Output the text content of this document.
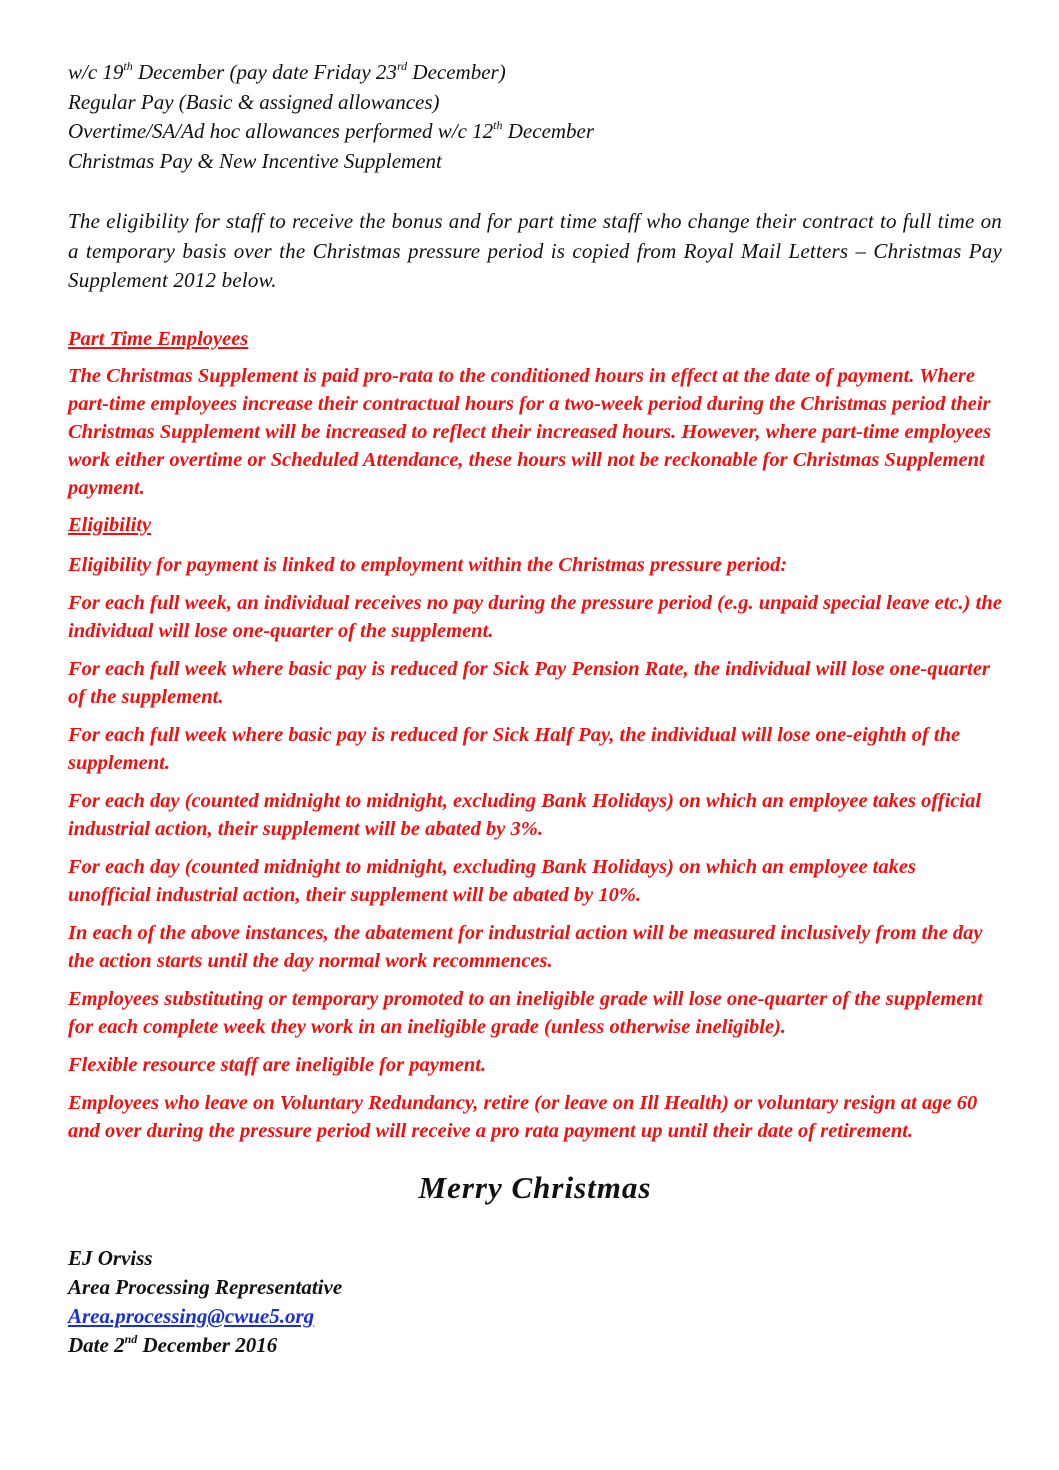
w/c 19th December (pay date Friday 23rd December)
Regular Pay (Basic & assigned allowances)
Overtime/SA/Ad hoc allowances performed w/c 12th December
Christmas Pay & New Incentive Supplement
The eligibility for staff to receive the bonus and for part time staff who change their contract to full time on a temporary basis over the Christmas pressure period is copied from Royal Mail Letters – Christmas Pay Supplement 2012 below.
Part Time Employees
The Christmas Supplement is paid pro-rata to the conditioned hours in effect at the date of payment. Where part-time employees increase their contractual hours for a two-week period during the Christmas period their Christmas Supplement will be increased to reflect their increased hours. However, where part-time employees work either overtime or Scheduled Attendance, these hours will not be reckonable for Christmas Supplement payment.
Eligibility
Eligibility for payment is linked to employment within the Christmas pressure period:
For each full week, an individual receives no pay during the pressure period (e.g. unpaid special leave etc.) the individual will lose one-quarter of the supplement.
For each full week where basic pay is reduced for Sick Pay Pension Rate, the individual will lose one-quarter of the supplement.
For each full week where basic pay is reduced for Sick Half Pay, the individual will lose one-eighth of the supplement.
For each day (counted midnight to midnight, excluding Bank Holidays) on which an employee takes official industrial action, their supplement will be abated by 3%.
For each day (counted midnight to midnight, excluding Bank Holidays) on which an employee takes unofficial industrial action, their supplement will be abated by 10%.
In each of the above instances, the abatement for industrial action will be measured inclusively from the day the action starts until the day normal work recommences.
Employees substituting or temporary promoted to an ineligible grade will lose one-quarter of the supplement for each complete week they work in an ineligible grade (unless otherwise ineligible).
Flexible resource staff are ineligible for payment.
Employees who leave on Voluntary Redundancy, retire (or leave on Ill Health) or voluntary resign at age 60 and over during the pressure period will receive a pro rata payment up until their date of retirement.
Merry Christmas
EJ Orviss
Area Processing Representative
Area.processing@cwue5.org
Date 2nd December 2016
